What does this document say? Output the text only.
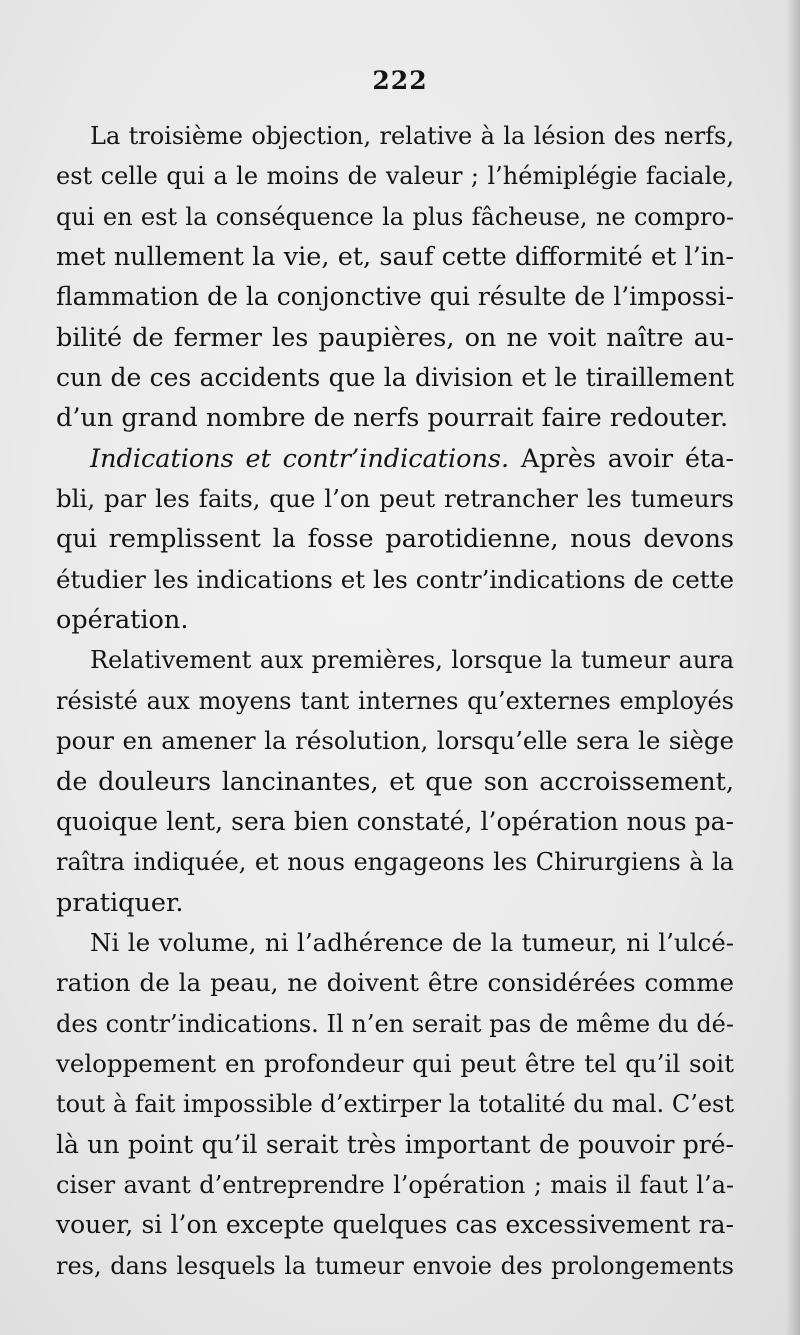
222
La troisième objection, relative à la lésion des nerfs,
est celle qui a le moins de valeur ; l’hémiplégie faciale,
qui en est la conséquence la plus fâcheuse, ne compro-
met nullement la vie, et, sauf cette difformité et l’in-
flammation de la conjonctive qui résulte de l’impossi-
bilité de fermer les paupières, on ne voit naître au-
cun de ces accidents que la division et le tiraillement
d’un grand nombre de nerfs pourrait faire redouter.
Indications et contr’indications. Après avoir éta-
bli, par les faits, que l’on peut retrancher les tumeurs
qui remplissent la fosse parotidienne, nous devons
étudier les indications et les contr’indications de cette
opération.
Relativement aux premières, lorsque la tumeur aura
résisté aux moyens tant internes qu’externes employés
pour en amener la résolution, lorsqu’elle sera le siège
de douleurs lancinantes, et que son accroissement,
quoique lent, sera bien constaté, l’opération nous pa-
raîtra indiquée, et nous engageons les Chirurgiens à la
pratiquer.
Ni le volume, ni l’adhérence de la tumeur, ni l’ulcé-
ration de la peau, ne doivent être considérées comme
des contr’indications. Il n’en serait pas de même du dé-
veloppement en profondeur qui peut être tel qu’il soit
tout à fait impossible d’extirper la totalité du mal. C’est
là un point qu’il serait très important de pouvoir pré-
ciser avant d’entreprendre l’opération ; mais il faut l’a-
vouer, si l’on excepte quelques cas excessivement ra-
res, dans lesquels la tumeur envoie des prolongements
